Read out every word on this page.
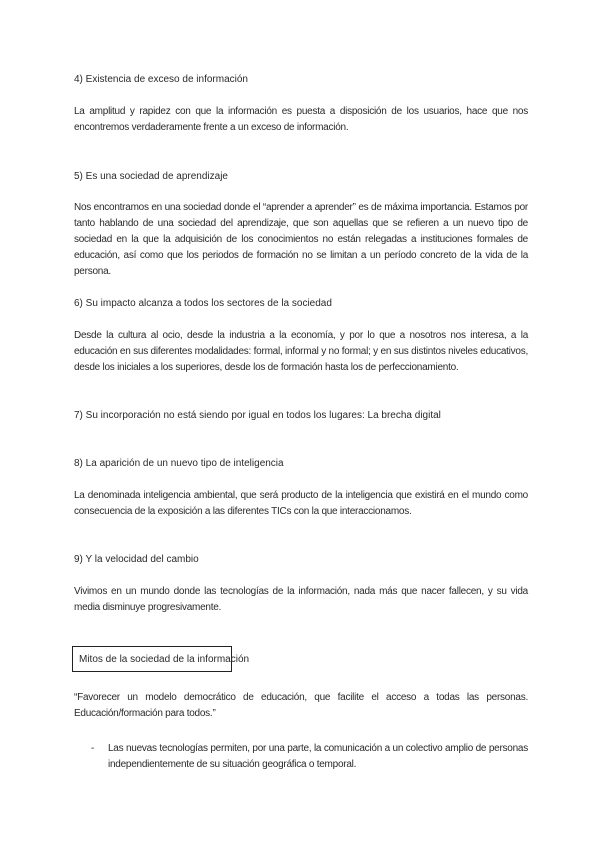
4) Existencia de exceso de información
La amplitud y rapidez con que la información es puesta a disposición de los usuarios, hace que nos encontremos verdaderamente frente a un exceso de información.
5) Es una sociedad de aprendizaje
Nos encontramos en una sociedad donde el “aprender a aprender” es de máxima importancia. Estamos por tanto hablando de una sociedad del aprendizaje, que son aquellas que se refieren a un nuevo tipo de sociedad en la que la adquisición de los conocimientos no están relegadas a instituciones formales de educación, así como que los periodos de formación no se limitan a un período concreto de la vida de la persona.
6) Su impacto alcanza a todos los sectores de la sociedad
Desde la cultura al ocio, desde la industria a la economía, y por lo que a nosotros nos interesa, a la educación en sus diferentes modalidades: formal, informal y no formal; y en sus distintos niveles educativos, desde los iniciales a los superiores, desde los de formación hasta los de perfeccionamiento.
7) Su incorporación no está siendo por igual en todos los lugares: La brecha digital
8) La aparición de un nuevo tipo de inteligencia
La denominada inteligencia ambiental, que será producto de la inteligencia que existirá en el mundo como consecuencia de la exposición a las diferentes TICs con la que interaccionamos.
9) Y la velocidad del cambio
Vivimos en un mundo donde las tecnologías de la información, nada más que nacer fallecen, y su vida media disminuye progresivamente.
Mitos de la sociedad de la información
“Favorecer un modelo democrático de educación, que facilite el acceso a todas las personas. Educación/formación para todos.”
- Las nuevas tecnologías permiten, por una parte, la comunicación a un colectivo amplio de personas independientemente de su situación geográfica o temporal.
